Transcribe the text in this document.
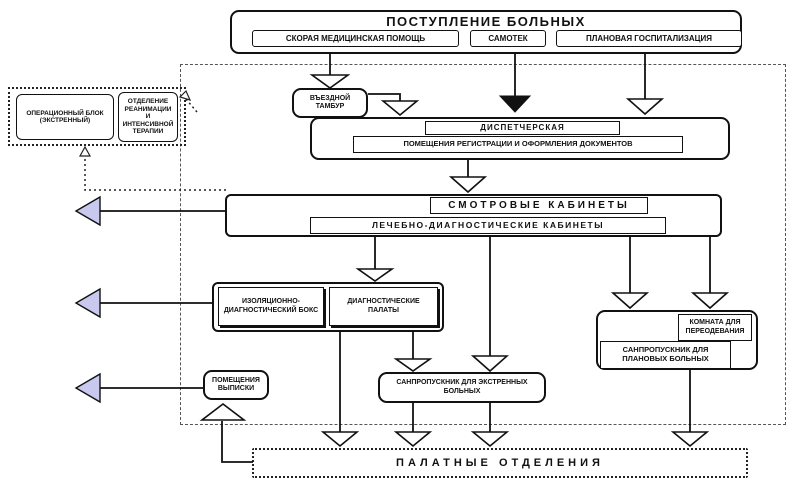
ПОСТУПЛЕНИЕ БОЛЬНЫХ
СКОРАЯ МЕДИЦИНСКАЯ ПОМОЩЬ	САМОТЕК	ПЛАНОВАЯ ГОСПИТАЛИЗАЦИЯ
ОПЕРАЦИОННЫЙ БЛОК (ЭКСТРЕННЫЙ)
ОТДЕЛЕНИЕ РЕАНИМАЦИИ И ИНТЕНСИВНОЙ ТЕРАПИИ
ВЪЕЗДНОЙ ТАМБУР
ДИСПЕТЧЕРСКАЯ
ПОМЕЩЕНИЯ РЕГИСТРАЦИИ И ОФОРМЛЕНИЯ ДОКУМЕНТОВ
СМОТРОВЫЕ КАБИНЕТЫ
ЛЕЧЕБНО-ДИАГНОСТИЧЕСКИЕ КАБИНЕТЫ
ИЗОЛЯЦИОННО-ДИАГНОСТИЧЕСКИЙ БОКС
ДИАГНОСТИЧЕСКИЕ ПАЛАТЫ
ПОМЕЩЕНИЯ ВЫПИСКИ
САНПРОПУСКНИК ДЛЯ ЭКСТРЕННЫХ БОЛЬНЫХ
КОМНАТА ДЛЯ ПЕРЕОДЕВАНИЯ
САНПРОПУСКНИК ДЛЯ ПЛАНОВЫХ БОЛЬНЫХ
ПАЛАТНЫЕ ОТДЕЛЕНИЯ
